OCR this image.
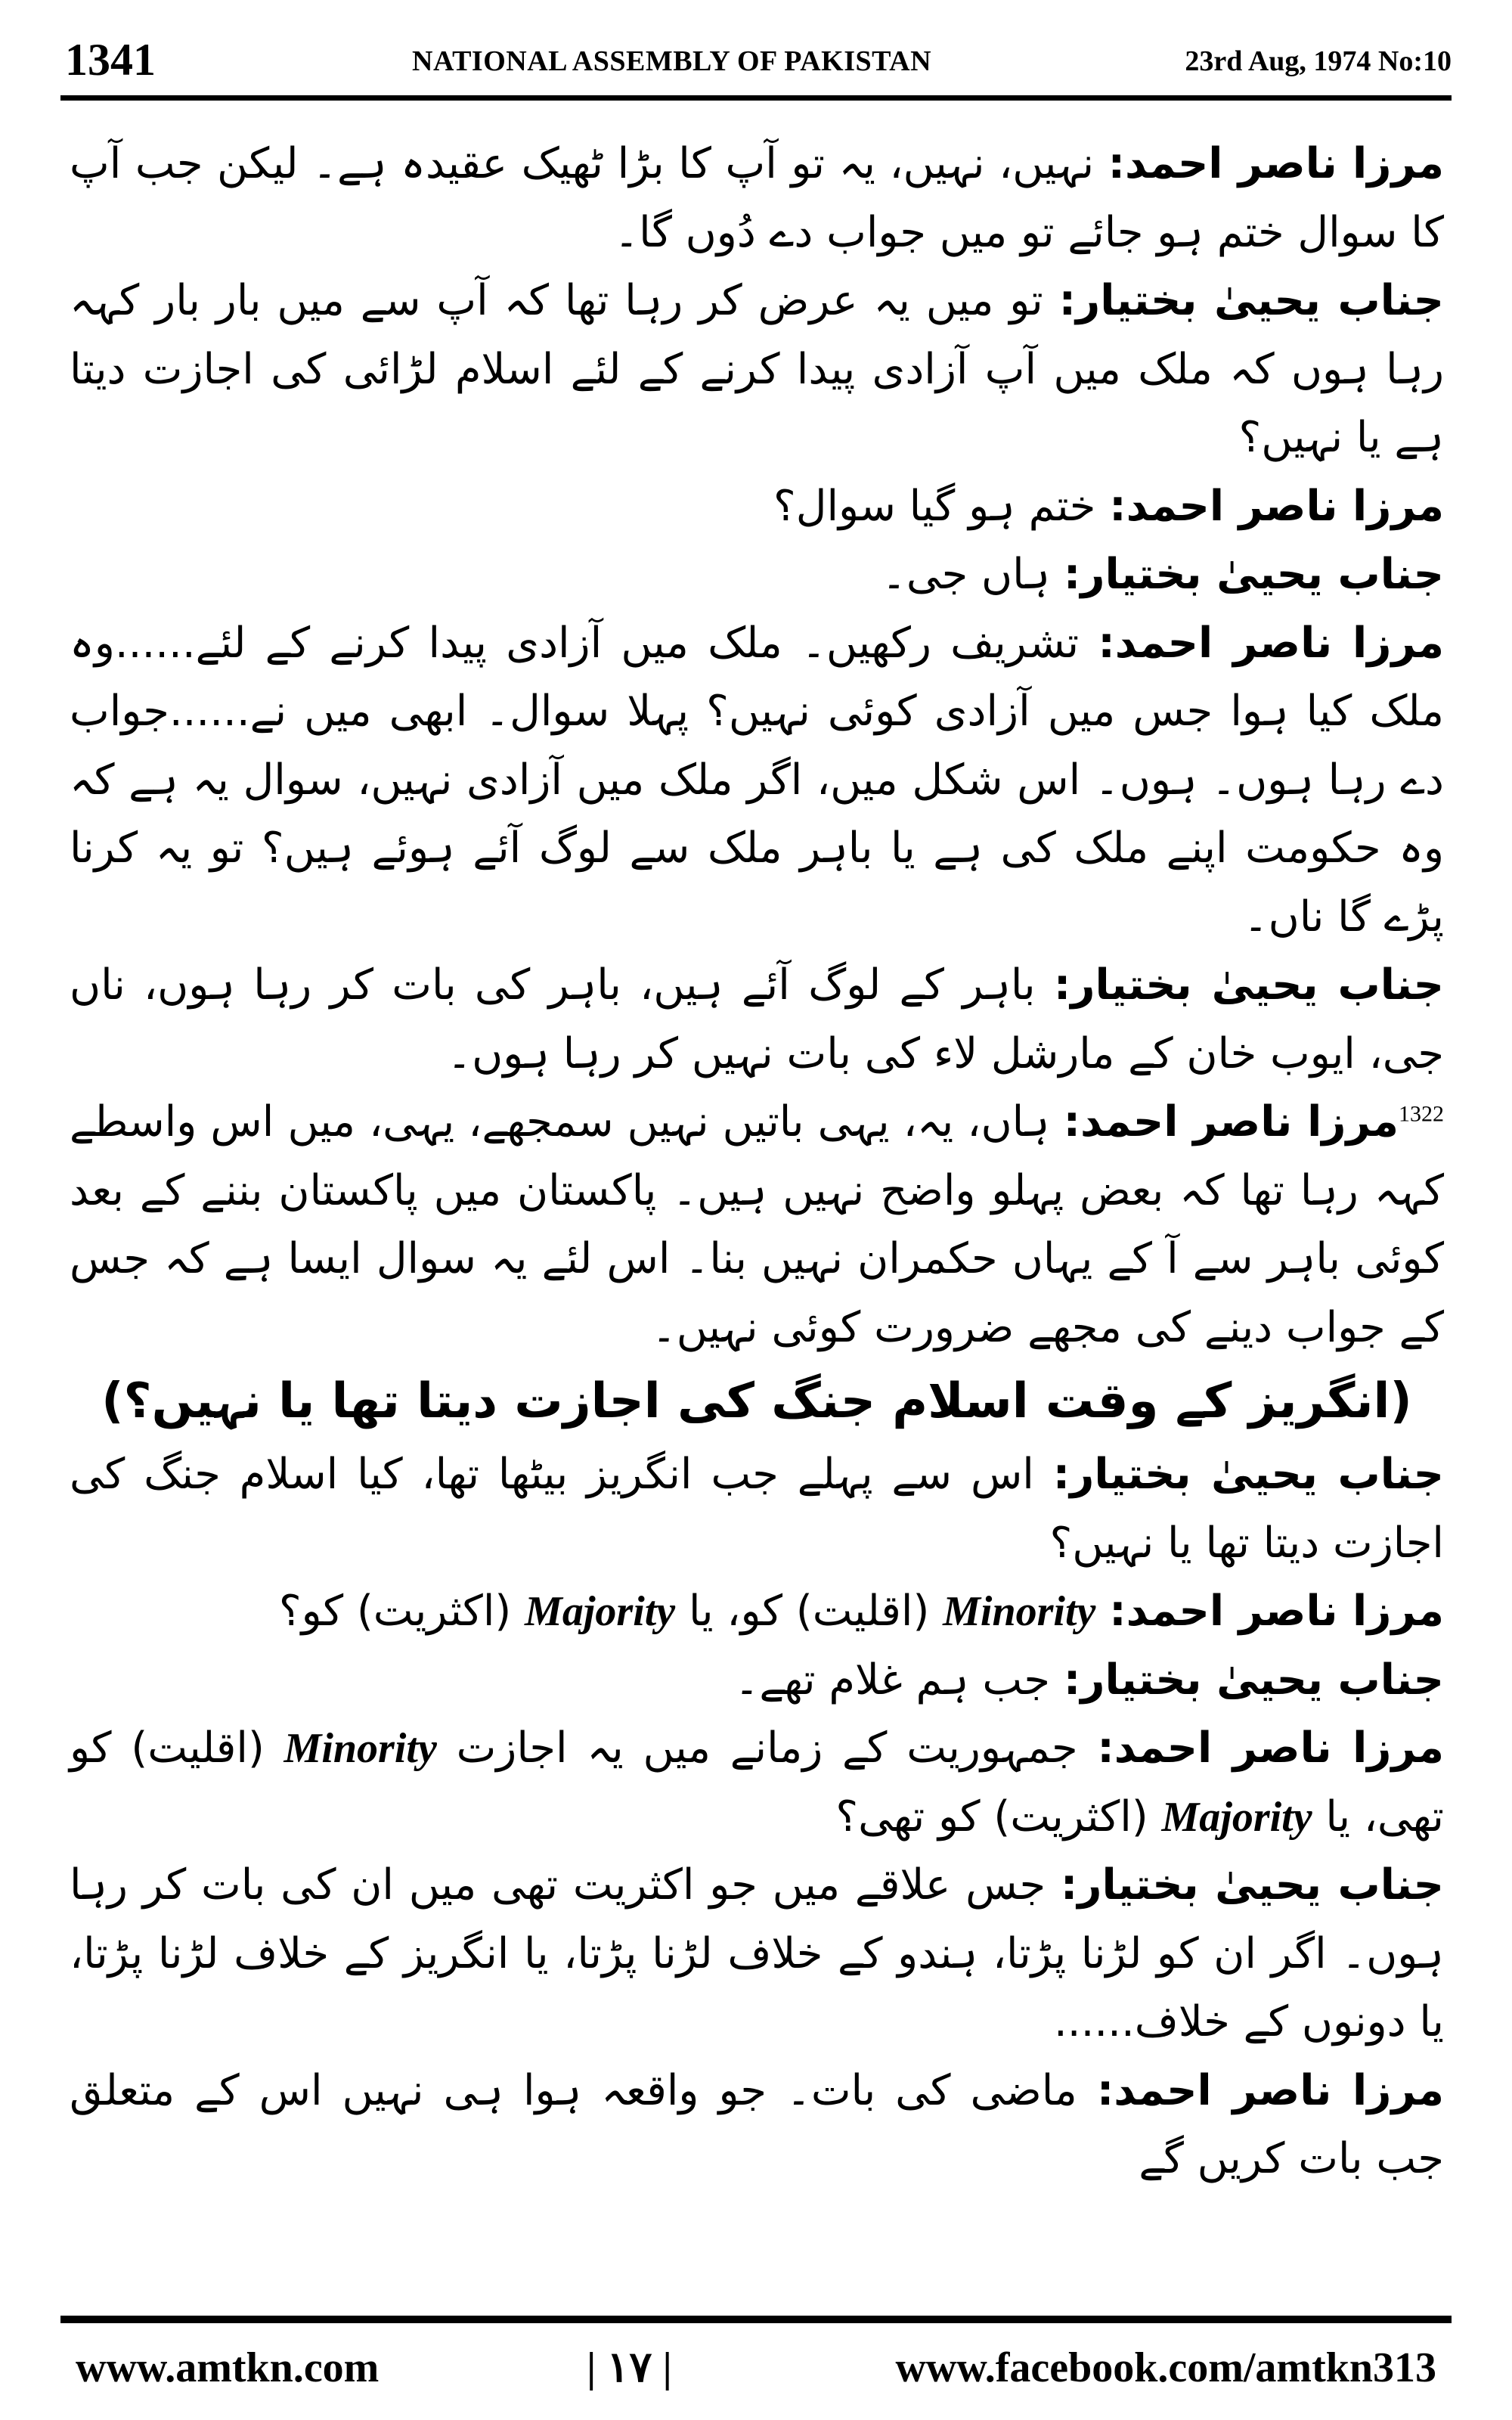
1341	NATIONAL ASSEMBLY OF PAKISTAN	23rd Aug, 1974 No:10

مرزا ناصر احمد: نہیں، نہیں، یہ تو آپ کا بڑا ٹھیک عقیدہ ہے۔ لیکن جب آپ کا سوال ختم ہو جائے تو میں جواب دے دُوں گا۔

جناب یحییٰ بختیار: تو میں یہ عرض کر رہا تھا کہ آپ سے میں بار بار کہہ رہا ہوں کہ ملک میں آپ آزادی پیدا کرنے کے لئے اسلام لڑائی کی اجازت دیتا ہے یا نہیں؟

مرزا ناصر احمد: ختم ہو گیا سوال؟

جناب یحییٰ بختیار: ہاں جی۔

مرزا ناصر احمد: تشریف رکھیں۔ ملک میں آزادی پیدا کرنے کے لئے......وہ ملک کیا ہوا جس میں آزادی کوئی نہیں؟ پہلا سوال۔ ابھی میں نے......جواب دے رہا ہوں۔ ہوں۔ اس شکل میں، اگر ملک میں آزادی نہیں، سوال یہ ہے کہ وہ حکومت اپنے ملک کی ہے یا باہر ملک سے لوگ آئے ہوئے ہیں؟ تو یہ کرنا پڑے گا ناں۔

جناب یحییٰ بختیار: باہر کے لوگ آئے ہیں، باہر کی بات کر رہا ہوں، ناں جی، ایوب خان کے مارشل لاء کی بات نہیں کر رہا ہوں۔

$^{1322}$مرزا ناصر احمد: ہاں، یہ، یہی باتیں نہیں سمجھے، یہی، میں اس واسطے کہہ رہا تھا کہ بعض پہلو واضح نہیں ہیں۔ پاکستان میں پاکستان بننے کے بعد کوئی باہر سے آ کے یہاں حکمران نہیں بنا۔ اس لئے یہ سوال ایسا ہے کہ جس کے جواب دینے کی مجھے ضرورت کوئی نہیں۔

(انگریز کے وقت اسلام جنگ کی اجازت دیتا تھا یا نہیں؟)

جناب یحییٰ بختیار: اس سے پہلے جب انگریز بیٹھا تھا، کیا اسلام جنگ کی اجازت دیتا تھا یا نہیں؟

مرزا ناصر احمد: Minority (اقلیت) کو، یا Majority (اکثریت) کو؟

جناب یحییٰ بختیار: جب ہم غلام تھے۔

مرزا ناصر احمد: جمہوریت کے زمانے میں یہ اجازت Minority (اقلیت) کو تھی، یا Majority (اکثریت) کو تھی؟

جناب یحییٰ بختیار: جس علاقے میں جو اکثریت تھی میں ان کی بات کر رہا ہوں۔ اگر ان کو لڑنا پڑتا، ہندو کے خلاف لڑنا پڑتا، یا انگریز کے خلاف لڑنا پڑتا، یا دونوں کے خلاف......

مرزا ناصر احمد: ماضی کی بات۔ جو واقعہ ہوا ہی نہیں اس کے متعلق جب بات کریں گے

www.amtkn.com	| ۱۷ |	www.facebook.com/amtkn313
